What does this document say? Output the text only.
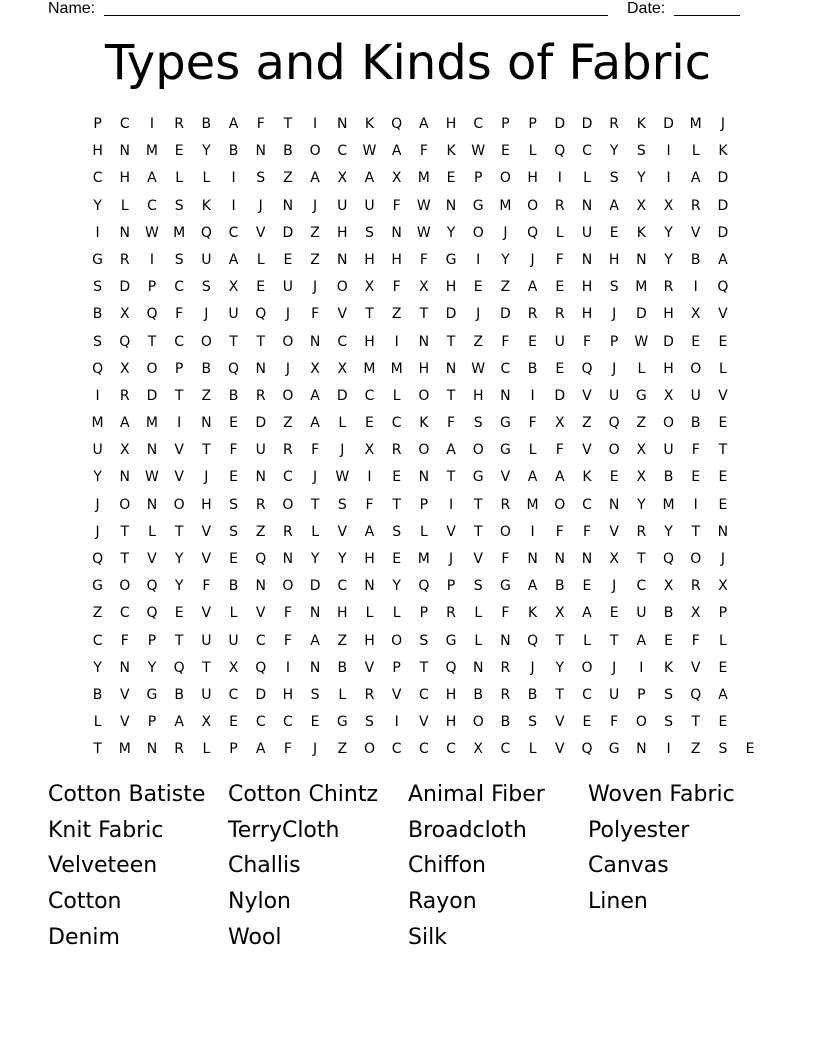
Name:	Date:
Types and Kinds of Fabric
P	C	I	R	B	A	F	T	I	N	K	Q	A	H	C	P	P	D	D	R	K	D	M	J
H	N	M	E	Y	B	N	B	O	C	W	A	F	K	W	E	L	Q	C	Y	S	I	L	K
C	H	A	L	L	I	S	Z	A	X	A	X	M	E	P	O	H	I	L	S	Y	I	A	D
Y	L	C	S	K	I	J	N	J	U	U	F	W	N	G	M	O	R	N	A	X	X	R	D
I	N	W	M	Q	C	V	D	Z	H	S	N	W	Y	O	J	Q	L	U	E	K	Y	V	D
G	R	I	S	U	A	L	E	Z	N	H	H	F	G	I	Y	J	F	N	H	N	Y	B	A
S	D	P	C	S	X	E	U	J	O	X	F	X	H	E	Z	A	E	H	S	M	R	I	Q
B	X	Q	F	J	U	Q	J	F	V	T	Z	T	D	J	D	R	R	H	J	D	H	X	V
S	Q	T	C	O	T	T	O	N	C	H	I	N	T	Z	F	E	U	F	P	W	D	E	E
Q	X	O	P	B	Q	N	J	X	X	M	M	H	N	W	C	B	E	Q	J	L	H	O	L
I	R	D	T	Z	B	R	O	A	D	C	L	O	T	H	N	I	D	V	U	G	X	U	V
M	A	M	I	N	E	D	Z	A	L	E	C	K	F	S	G	F	X	Z	Q	Z	O	B	E
U	X	N	V	T	F	U	R	F	J	X	R	O	A	O	G	L	F	V	O	X	U	F	T
Y	N	W	V	J	E	N	C	J	W	I	E	N	T	G	V	A	A	K	E	X	B	E	E
J	O	N	O	H	S	R	O	T	S	F	T	P	I	T	R	M	O	C	N	Y	M	I	E
J	T	L	T	V	S	Z	R	L	V	A	S	L	V	T	O	I	F	F	V	R	Y	T	N
Q	T	V	Y	V	E	Q	N	Y	Y	H	E	M	J	V	F	N	N	N	X	T	Q	O	J
G	O	Q	Y	F	B	N	O	D	C	N	Y	Q	P	S	G	A	B	E	J	C	X	R	X
Z	C	Q	E	V	L	V	F	N	H	L	L	P	R	L	F	K	X	A	E	U	B	X	P
C	F	P	T	U	U	C	F	A	Z	H	O	S	G	L	N	Q	T	L	T	A	E	F	L
Y	N	Y	Q	T	X	Q	I	N	B	V	P	T	Q	N	R	J	Y	O	J	I	K	V	E
B	V	G	B	U	C	D	H	S	L	R	V	C	H	B	R	B	T	C	U	P	S	Q	A
L	V	P	A	X	E	C	C	E	G	S	I	V	H	O	B	S	V	E	F	O	S	T	E
T	M	N	R	L	P	A	F	J	Z	O	C	C	C	X	C	L	V	Q	G	N	I	Z	S	E
Cotton Batiste	Cotton Chintz	Animal Fiber	Woven Fabric
Knit Fabric	TerryCloth	Broadcloth	Polyester
Velveteen	Challis	Chiffon	Canvas
Cotton	Nylon	Rayon	Linen
Denim	Wool	Silk
